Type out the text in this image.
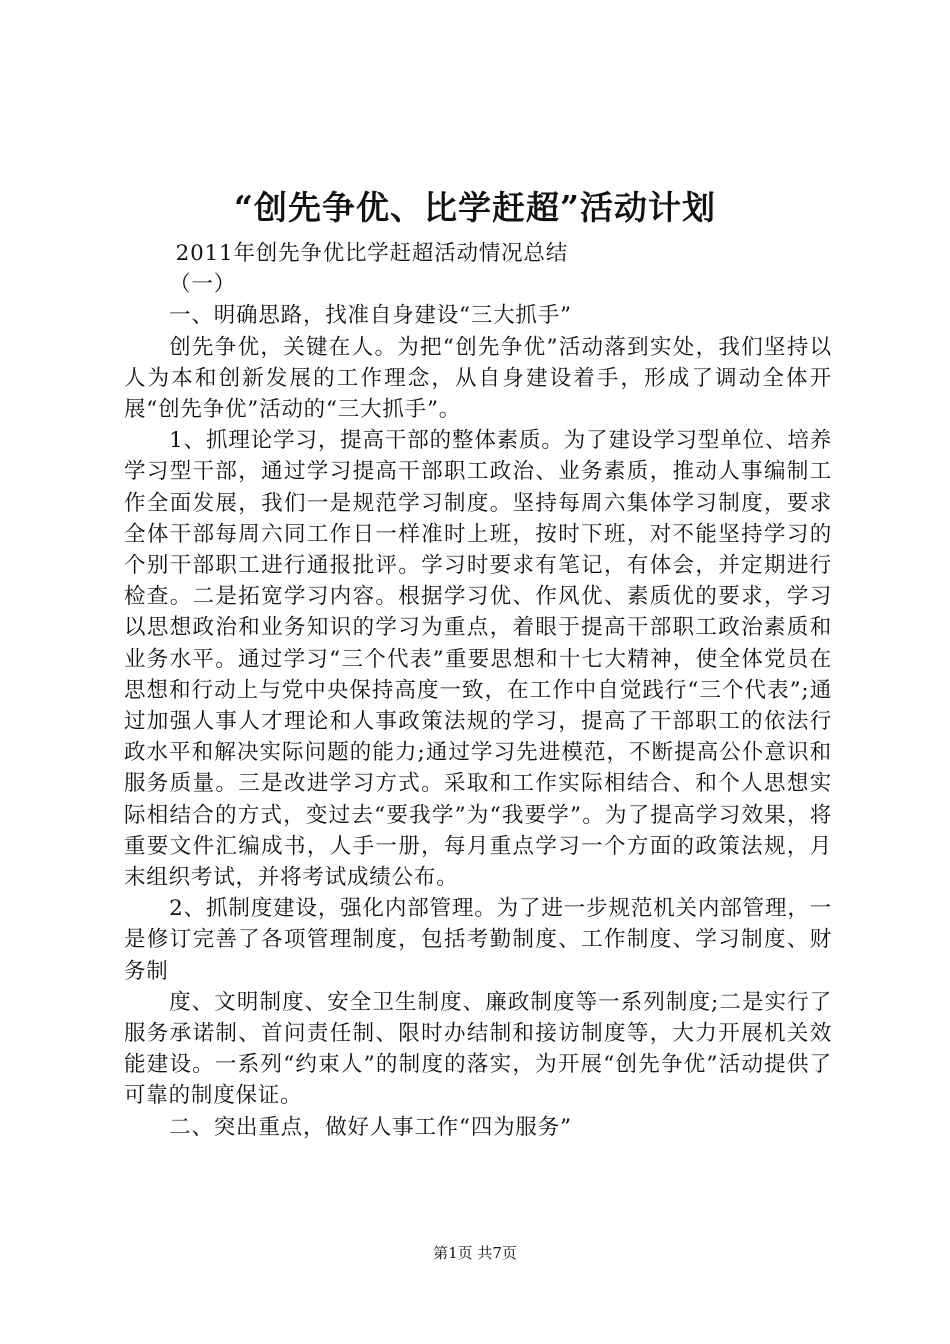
“创先争优、比学赶超”活动计划

2011年创先争优比学赶超活动情况总结

（一）

一、明确思路，找准自身建设“三大抓手”

创先争优，关键在人。为把“创先争优”活动落到实处，我们坚持以人为本和创新发展的工作理念，从自身建设着手，形成了调动全体开展“创先争优”活动的“三大抓手”。

1、抓理论学习，提高干部的整体素质。为了建设学习型单位、培养学习型干部，通过学习提高干部职工政治、业务素质，推动人事编制工作全面发展，我们一是规范学习制度。坚持每周六集体学习制度，要求全体干部每周六同工作日一样准时上班，按时下班，对不能坚持学习的个别干部职工进行通报批评。学习时要求有笔记，有体会，并定期进行检查。二是拓宽学习内容。根据学习优、作风优、素质优的要求，学习以思想政治和业务知识的学习为重点，着眼于提高干部职工政治素质和业务水平。通过学习“三个代表”重要思想和十七大精神，使全体党员在思想和行动上与党中央保持高度一致，在工作中自觉践行“三个代表”;通过加强人事人才理论和人事政策法规的学习，提高了干部职工的依法行政水平和解决实际问题的能力;通过学习先进模范，不断提高公仆意识和服务质量。三是改进学习方式。采取和工作实际相结合、和个人思想实际相结合的方式，变过去“要我学”为“我要学”。为了提高学习效果，将重要文件汇编成书，人手一册，每月重点学习一个方面的政策法规，月末组织考试，并将考试成绩公布。

2、抓制度建设，强化内部管理。为了进一步规范机关内部管理，一是修订完善了各项管理制度，包括考勤制度、工作制度、学习制度、财务制

度、文明制度、安全卫生制度、廉政制度等一系列制度;二是实行了服务承诺制、首问责任制、限时办结制和接访制度等，大力开展机关效能建设。一系列“约束人”的制度的落实，为开展“创先争优”活动提供了可靠的制度保证。

二、突出重点，做好人事工作“四为服务”

第1页 共7页
